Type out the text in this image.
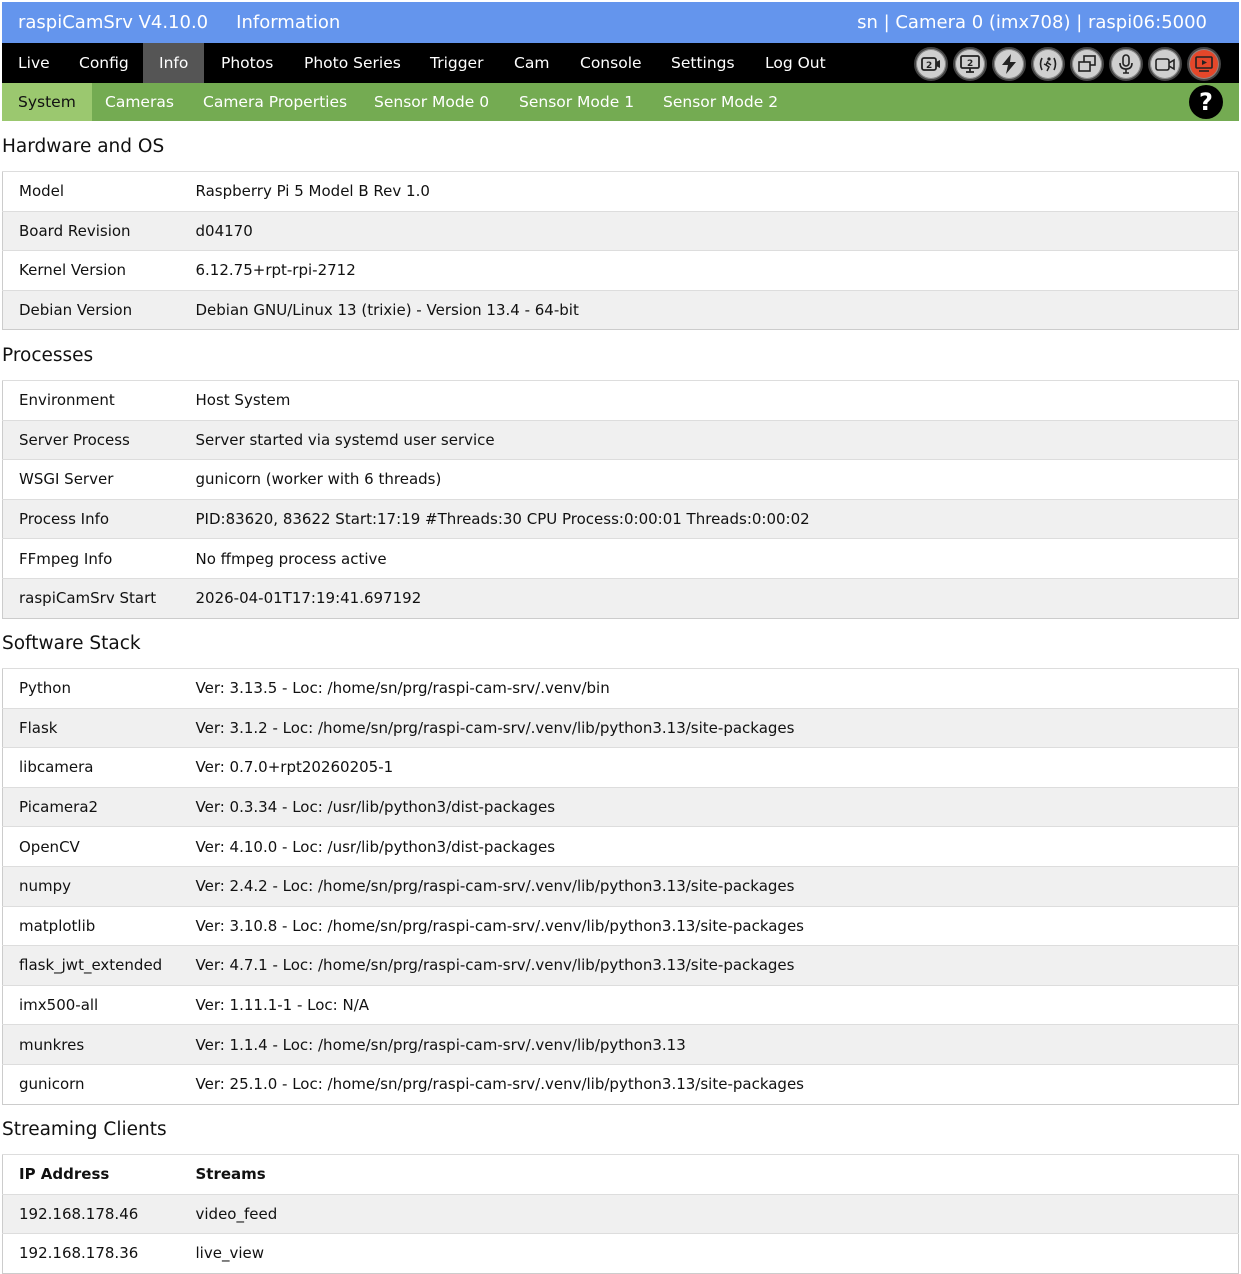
raspiCamSrv V4.10.0 Information	sn | Camera 0 (imx708) | raspi06:5000
Live	Config	Info	Photos	Photo Series	Trigger	Cam	Console	Settings	Log Out	2	2
System	Cameras	Camera Properties	Sensor Mode 0	Sensor Mode 1	Sensor Mode 2	?
Hardware and OS
Model	Raspberry Pi 5 Model B Rev 1.0
Board Revision	d04170
Kernel Version	6.12.75+rpt-rpi-2712
Debian Version	Debian GNU/Linux 13 (trixie) - Version 13.4 - 64-bit
Processes
Environment	Host System
Server Process	Server started via systemd user service
WSGI Server	gunicorn (worker with 6 threads)
Process Info	PID:83620, 83622 Start:17:19 #Threads:30 CPU Process:0:00:01 Threads:0:00:02
FFmpeg Info	No ffmpeg process active
raspiCamSrv Start	2026-04-01T17:19:41.697192
Software Stack
Python	Ver: 3.13.5 - Loc: /home/sn/prg/raspi-cam-srv/.venv/bin
Flask	Ver: 3.1.2 - Loc: /home/sn/prg/raspi-cam-srv/.venv/lib/python3.13/site-packages
libcamera	Ver: 0.7.0+rpt20260205-1
Picamera2	Ver: 0.3.34 - Loc: /usr/lib/python3/dist-packages
OpenCV	Ver: 4.10.0 - Loc: /usr/lib/python3/dist-packages
numpy	Ver: 2.4.2 - Loc: /home/sn/prg/raspi-cam-srv/.venv/lib/python3.13/site-packages
matplotlib	Ver: 3.10.8 - Loc: /home/sn/prg/raspi-cam-srv/.venv/lib/python3.13/site-packages
flask_jwt_extended	Ver: 4.7.1 - Loc: /home/sn/prg/raspi-cam-srv/.venv/lib/python3.13/site-packages
imx500-all	Ver: 1.11.1-1 - Loc: N/A
munkres	Ver: 1.1.4 - Loc: /home/sn/prg/raspi-cam-srv/.venv/lib/python3.13
gunicorn	Ver: 25.1.0 - Loc: /home/sn/prg/raspi-cam-srv/.venv/lib/python3.13/site-packages
Streaming Clients
IP Address	Streams
192.168.178.46	video_feed
192.168.178.36	live_view
